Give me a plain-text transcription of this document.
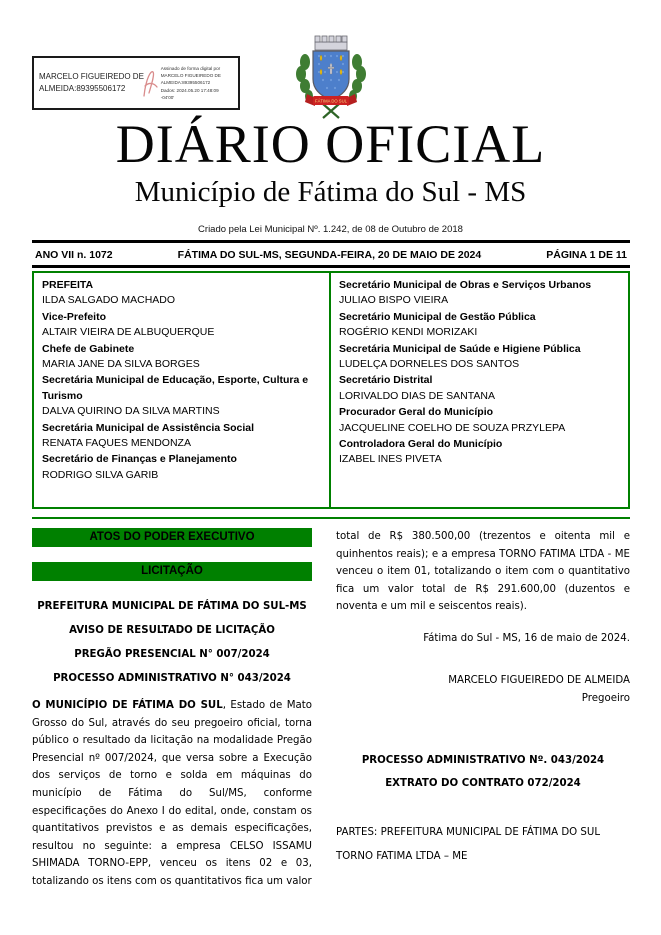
MARCELO FIGUEIREDO DE ALMEIDA:89395506172
Assinado de forma digital por
MARCELO FIGUEIREDO DE
ALMEIDA:89395506172
Dados: 2024.05.20 17:48:09 -04'00'
FÁTIMA DO SUL
DIÁRIO OFICIAL
Município de Fátima do Sul - MS
Criado pela Lei Municipal Nº. 1.242, de 08 de Outubro de 2018
ANO VII n. 1072	FÁTIMA DO SUL-MS, SEGUNDA-FEIRA, 20 DE MAIO DE 2024	PÁGINA 1 DE 11
PREFEITA
ILDA SALGADO MACHADO
Vice-Prefeito
ALTAIR VIEIRA DE ALBUQUERQUE
Chefe de Gabinete
MARIA JANE DA SILVA BORGES
Secretária Municipal de Educação, Esporte, Cultura e Turismo
DALVA QUIRINO DA SILVA MARTINS
Secretária Municipal de Assistência Social
RENATA FAQUES MENDONZA
Secretário de Finanças e Planejamento
RODRIGO SILVA GARIB
Secretário Municipal de Obras e Serviços Urbanos
JULIAO BISPO VIEIRA
Secretário Municipal de Gestão Pública
ROGÉRIO KENDI MORIZAKI
Secretária Municipal de Saúde e Higiene Pública
LUDELÇA DORNELES DOS SANTOS
Secretário Distrital
LORIVALDO DIAS DE SANTANA
Procurador Geral do Município
JACQUELINE COELHO DE SOUZA PRZYLEPA
Controladora Geral do Município
IZABEL INES PIVETA
ATOS DO PODER EXECUTIVO
LICITAÇÃO
PREFEITURA MUNICIPAL DE FÁTIMA DO SUL-MS
AVISO DE RESULTADO DE LICITAÇÃO
PREGÃO PRESENCIAL N° 007/2024
PROCESSO ADMINISTRATIVO N° 043/2024

O MUNICÍPIO DE FÁTIMA DO SUL, Estado de Mato Grosso do Sul, através do seu pregoeiro oficial, torna público o resultado da licitação na modalidade Pregão Presencial nº 007/2024, que versa sobre a Execução dos serviços de torno e solda em máquinas do município de Fátima do Sul/MS, conforme especificações do Anexo I do edital, onde, constam os quantitativos previstos e as demais especificações, resultou no seguinte: a empresa CELSO ISSAMU SHIMADA TORNO-EPP, venceu os itens 02 e 03, totalizando os itens com os quantitativos fica um valor

total de R$ 380.500,00 (trezentos e oitenta mil e quinhentos reais); e a empresa TORNO FATIMA LTDA - ME venceu o item 01, totalizando o item com o quantitativo fica um valor total de R$ 291.600,00 (duzentos e noventa e um mil e seiscentos reais).

Fátima do Sul - MS, 16 de maio de 2024.
MARCELO FIGUEIREDO DE ALMEIDA
Pregoeiro
PROCESSO ADMINISTRATIVO Nº. 043/2024
EXTRATO DO CONTRATO 072/2024
PARTES: PREFEITURA MUNICIPAL DE FÁTIMA DO SUL
TORNO FATIMA LTDA – ME
